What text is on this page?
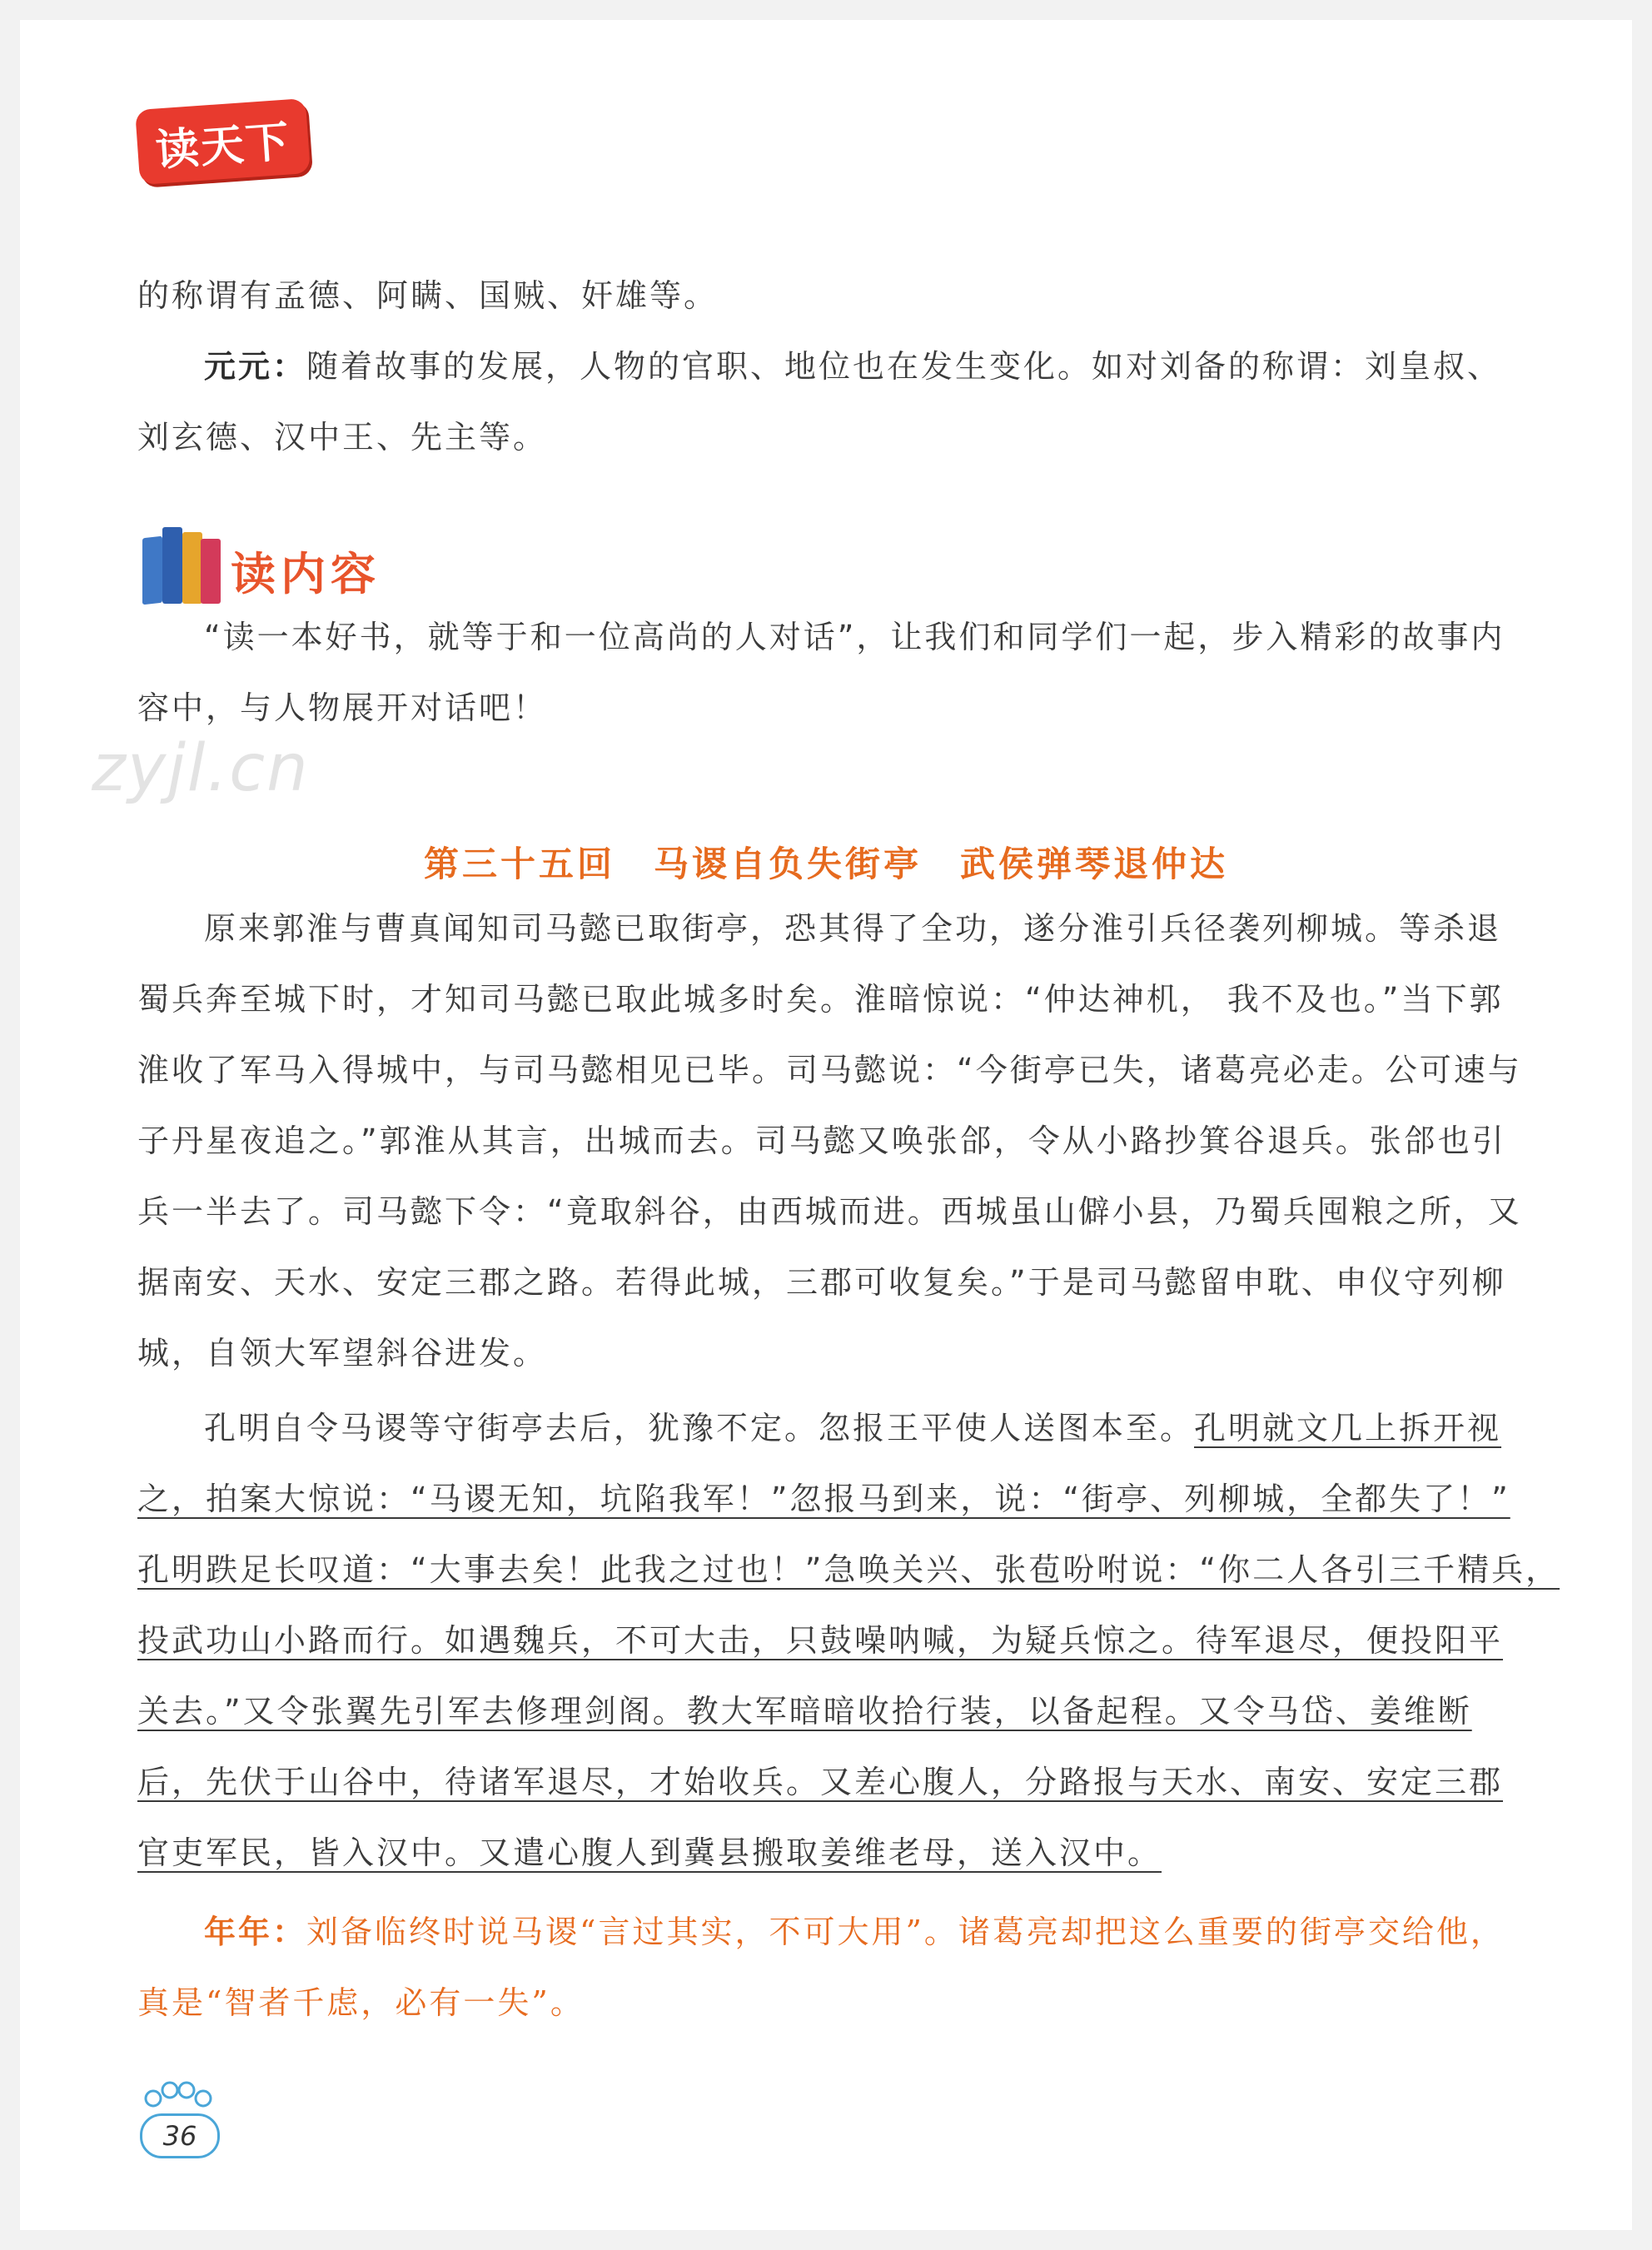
读天下
的称谓有孟德、阿瞒、国贼、奸雄等。
元元：随着故事的发展，人物的官职、地位也在发生变化。如对刘备的称谓：刘皇叔、
刘玄德、汉中王、先主等。
读内容
“读一本好书，就等于和一位高尚的人对话”，让我们和同学们一起，步入精彩的故事内
容中，与人物展开对话吧！
zyjl.cn
第三十五回　马谡自负失街亭　武侯弹琴退仲达
原来郭淮与曹真闻知司马懿已取街亭，恐其得了全功，遂分淮引兵径袭列柳城。等杀退
蜀兵奔至城下时，才知司马懿已取此城多时矣。淮暗惊说：“仲达神机， 我不及也。”当下郭
淮收了军马入得城中，与司马懿相见已毕。司马懿说：“今街亭已失，诸葛亮必走。公可速与
子丹星夜追之。”郭淮从其言，出城而去。司马懿又唤张郃，令从小路抄箕谷退兵。张郃也引
兵一半去了。司马懿下令：“竟取斜谷，由西城而进。西城虽山僻小县，乃蜀兵囤粮之所，又
据南安、天水、安定三郡之路。若得此城，三郡可收复矣。”于是司马懿留申耽、申仪守列柳
城，自领大军望斜谷进发。
孔明自令马谡等守街亭去后，犹豫不定。忽报王平使人送图本至。孔明就文几上拆开视
之，拍案大惊说：“马谡无知，坑陷我军！”忽报马到来，说：“街亭、列柳城，全都失了！”
孔明跌足长叹道：“大事去矣！此我之过也！”急唤关兴、张苞吩咐说：“你二人各引三千精兵，
投武功山小路而行。如遇魏兵，不可大击，只鼓噪呐喊，为疑兵惊之。待军退尽，便投阳平
关去。”又令张翼先引军去修理剑阁。教大军暗暗收拾行装，以备起程。又令马岱、姜维断
后，先伏于山谷中，待诸军退尽，才始收兵。又差心腹人，分路报与天水、南安、安定三郡
官吏军民，皆入汉中。又遣心腹人到冀县搬取姜维老母，送入汉中。
年年：刘备临终时说马谡“言过其实，不可大用”。诸葛亮却把这么重要的街亭交给他，
真是“智者千虑，必有一失”。
36
